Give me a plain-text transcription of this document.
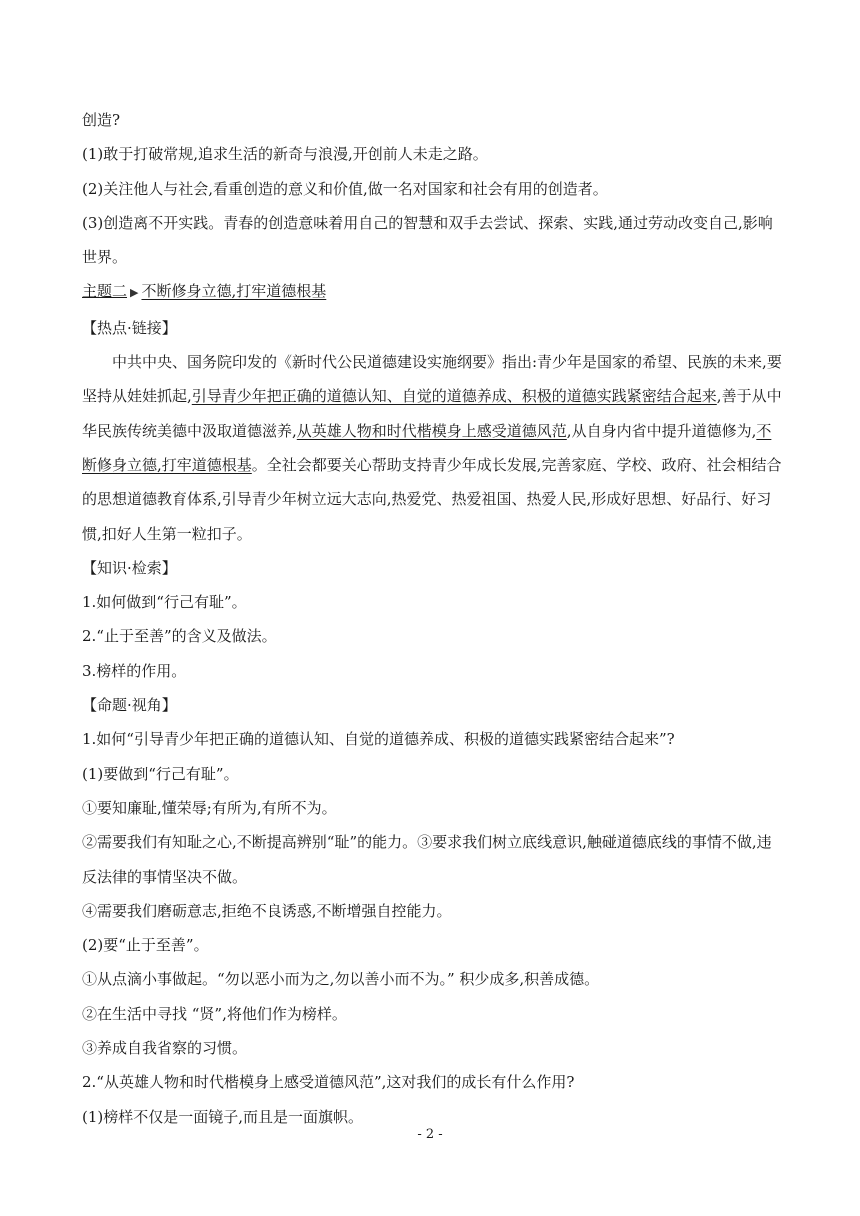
创造?

(1)敢于打破常规,追求生活的新奇与浪漫,开创前人未走之路。

(2)关注他人与社会,看重创造的意义和价值,做一名对国家和社会有用的创造者。

(3)创造离不开实践。青春的创造意味着用自己的智慧和双手去尝试、探索、实践,通过劳动改变自己,影响世界。

主题二 ▶ 不断修身立德,打牢道德根基

【热点·链接】

中共中央、国务院印发的《新时代公民道德建设实施纲要》指出:青少年是国家的希望、民族的未来,要坚持从娃娃抓起,引导青少年把正确的道德认知、自觉的道德养成、积极的道德实践紧密结合起来,善于从中华民族传统美德中汲取道德滋养,从英雄人物和时代楷模身上感受道德风范,从自身内省中提升道德修为,不断修身立德,打牢道德根基。全社会都要关心帮助支持青少年成长发展,完善家庭、学校、政府、社会相结合的思想道德教育体系,引导青少年树立远大志向,热爱党、热爱祖国、热爱人民,形成好思想、好品行、好习惯,扣好人生第一粒扣子。

【知识·检索】

1.如何做到“行己有耻”。

2.“止于至善”的含义及做法。

3.榜样的作用。

【命题·视角】

1.如何“引导青少年把正确的道德认知、自觉的道德养成、积极的道德实践紧密结合起来”?

(1)要做到“行己有耻”。

①要知廉耻,懂荣辱;有所为,有所不为。

②需要我们有知耻之心,不断提高辨别“耻”的能力。③要求我们树立底线意识,触碰道德底线的事情不做,违反法律的事情坚决不做。

④需要我们磨砺意志,拒绝不良诱惑,不断增强自控能力。

(2)要“止于至善”。

①从点滴小事做起。“勿以恶小而为之,勿以善小而不为。” 积少成多,积善成德。

②在生活中寻找 “贤”,将他们作为榜样。

③养成自我省察的习惯。

2.“从英雄人物和时代楷模身上感受道德风范”,这对我们的成长有什么作用?

(1)榜样不仅是一面镜子,而且是一面旗帜。

- 2 -
